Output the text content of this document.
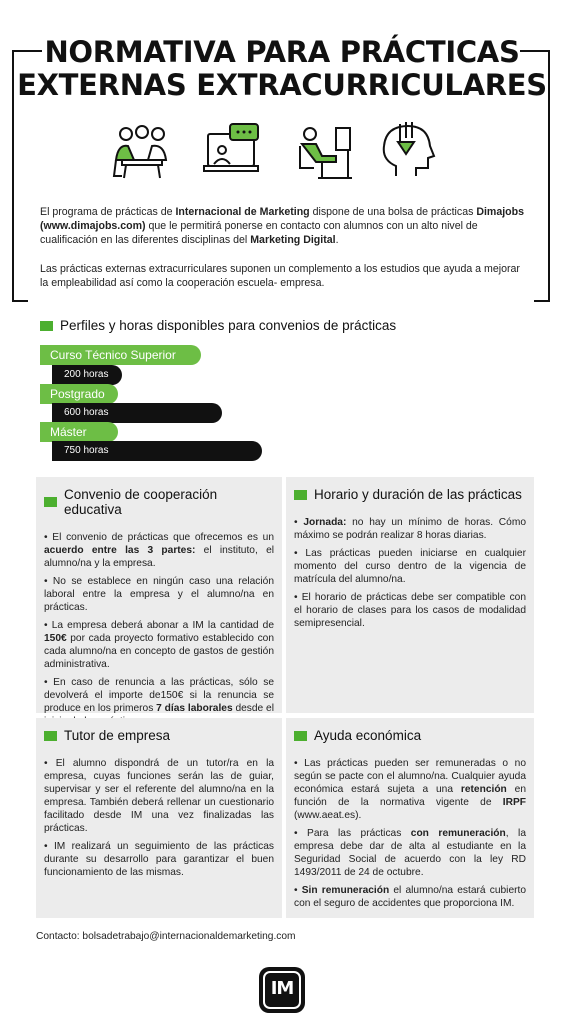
NORMATIVA PARA PRÁCTICAS
EXTERNAS EXTRACURRICULARES

El programa de prácticas de Internacional de Marketing dispone de una bolsa de prácticas Dimajobs (www.dimajobs.com) que le permitirá ponerse en contacto con alumnos con un alto nivel de cualificación en las diferentes disciplinas del Marketing Digital.

Las prácticas externas extracurriculares suponen un complemento a los estudios que ayuda a mejorar la empleabilidad así como la cooperación escuela- empresa.

Perfiles y horas disponibles para convenios de prácticas
Curso Técnico Superior
200 horas
Postgrado
600 horas
Máster
750 horas
Convenio de cooperación educativa
• El convenio de prácticas que ofrecemos es un acuerdo entre las 3 partes: el instituto, el alumno/na y la empresa.
• No se establece en ningún caso una relación laboral entre la empresa y el alumno/na en prácticas.
• La empresa deberá abonar a IM la cantidad de 150€ por cada proyecto formativo establecido con cada alumno/na en concepto de gastos de gestión administrativa.
• En caso de renuncia a las prácticas, sólo se devolverá el importe de150€ si la renuncia se produce en los primeros 7 días laborales desde el
Horario y duración de las prácticas
• Jornada: no hay un mínimo de horas. Cómo máximo se podrán realizar 8 horas diarias.
• Las prácticas pueden iniciarse en cualquier momento del curso dentro de la vigencia de matrícula del alumno/na.
• El horario de prácticas debe ser compatible con el horario de clases para los casos de modalidad semipresencial.
Tutor de empresa
• El alumno dispondrá de un tutor/ra en la empresa, cuyas funciones serán las de guiar, supervisar y ser el referente del alumno/na en la empresa. También deberá rellenar un cuestionario facilitado desde IM una vez finalizadas las prácticas.
• IM realizará un seguimiento de las prácticas durante su desarrollo para garantizar el buen funcionamiento de las mismas.
Ayuda económica
• Las prácticas pueden ser remuneradas o no según se pacte con el alumno/na. Cualquier ayuda económica estará sujeta a una retención en función de la normativa vigente de IRPF (www.aeat.es).
• Para las prácticas con remuneración, la empresa debe dar de alta al estudiante en la Seguridad Social de acuerdo con la ley RD 1493/2011 de 24 de octubre.
• Sin remuneración el alumno/na estará cubierto con el seguro de accidentes que proporciona IM.
Contacto: bolsadetrabajo@internacionaldemarketing.com
IM
